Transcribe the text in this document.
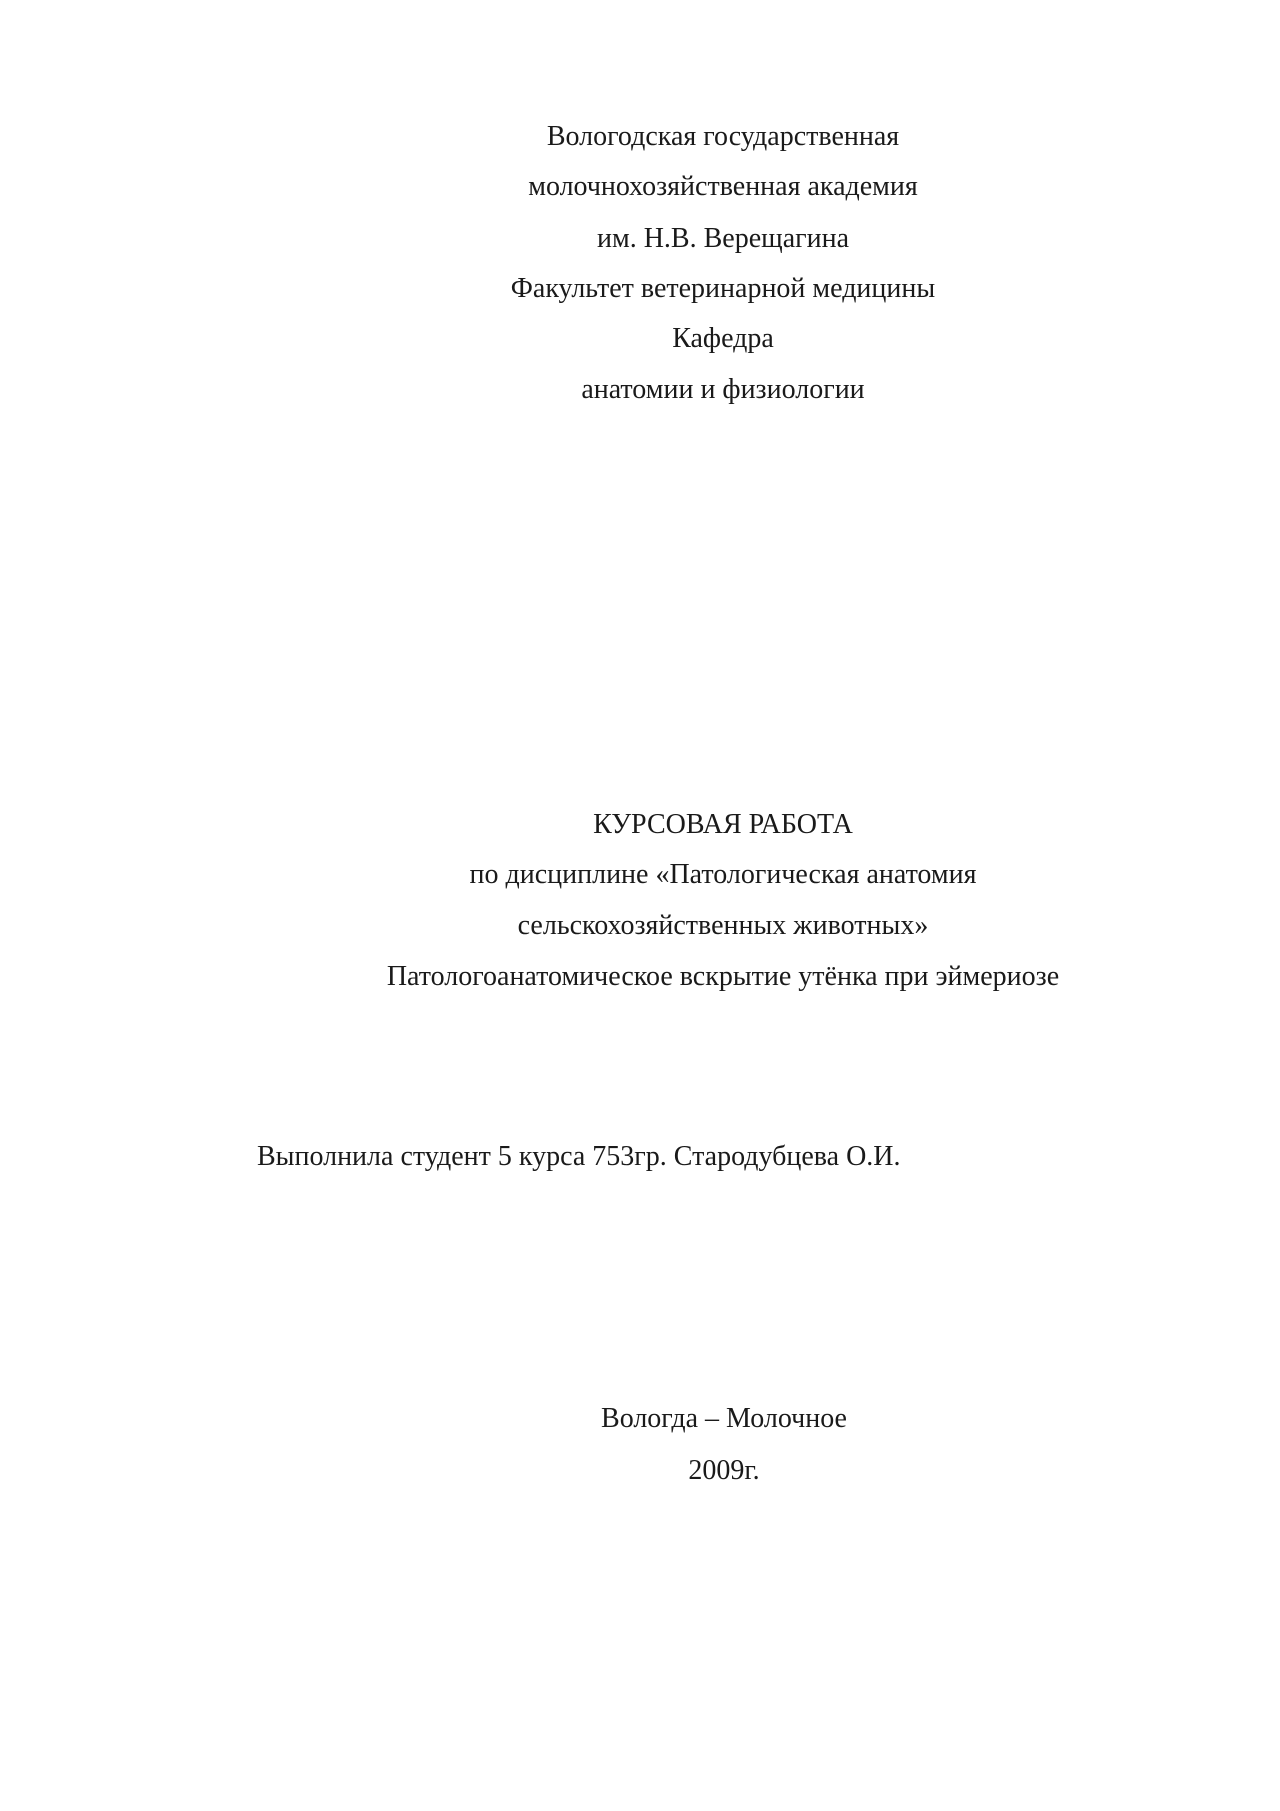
Вологодская государственная
молочнохозяйственная академия
им. Н.В. Верещагина
Факультет ветеринарной медицины
Кафедра
анатомии и физиологии
КУРСОВАЯ РАБОТА
по дисциплине «Патологическая анатомия
сельскохозяйственных животных»
Патологоанатомическое вскрытие утёнка при эймериозе
Выполнила студент 5 курса 753гр. Стародубцева О.И.
Вологда – Молочное
2009г.
